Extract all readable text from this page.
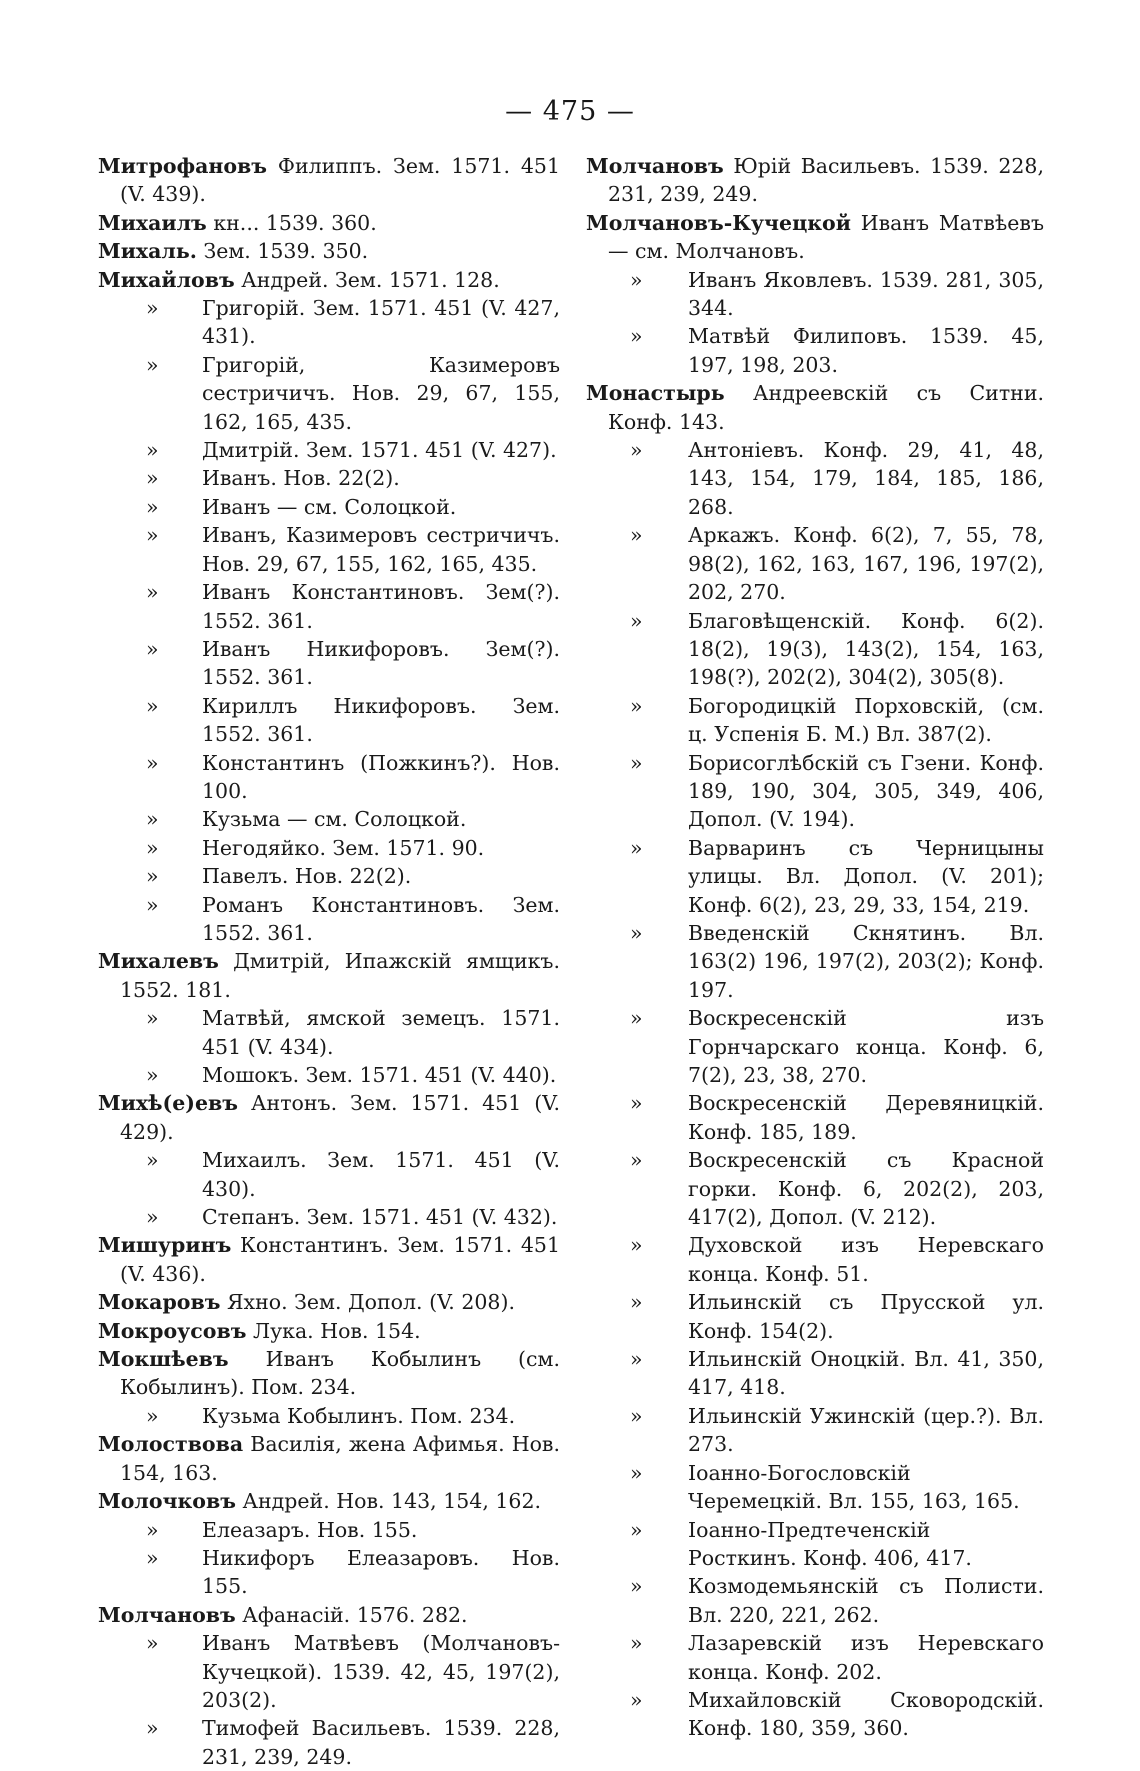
— 475 —
Митрофановъ Филиппъ. Зем. 1571. 451 (V. 439).
Михаилъ кн... 1539. 360.
Михаль. Зем. 1539. 350.
Михайловъ Андрей. Зем. 1571. 128.
» Григорій. Зем. 1571. 451 (V. 427, 431).
» Григорій, Казимеровъ сестричичъ. Нов. 29, 67, 155, 162, 165, 435.
» Дмитрій. Зем. 1571. 451 (V. 427).
» Иванъ. Нов. 22(2).
» Иванъ — см. Солоцкой.
» Иванъ, Казимеровъ сестричичъ. Нов. 29, 67, 155, 162, 165, 435.
» Иванъ Константиновъ. Зем(?). 1552. 361.
» Иванъ Никифоровъ. Зем(?). 1552. 361.
» Кириллъ Никифоровъ. Зем. 1552. 361.
» Константинъ (Пожкинъ?). Нов. 100.
» Кузьма — см. Солоцкой.
» Негодяйко. Зем. 1571. 90.
» Павелъ. Нов. 22(2).
» Романъ Константиновъ. Зем. 1552. 361.
Михалевъ Дмитрій, Ипажскій ямщикъ. 1552. 181.
» Матвѣй, ямской земецъ. 1571. 451 (V. 434).
» Мошокъ. Зем. 1571. 451 (V. 440).
Михѣ(е)евъ Антонъ. Зем. 1571. 451 (V. 429).
» Михаилъ. Зем. 1571. 451 (V. 430).
» Степанъ. Зем. 1571. 451 (V. 432).
Мишуринъ Константинъ. Зем. 1571. 451 (V. 436).
Мокаровъ Яхно. Зем. Допол. (V. 208).
Мокроусовъ Лука. Нов. 154.
Мокшѣевъ Иванъ Кобылинъ (см. Кобылинъ). Пом. 234.
» Кузьма Кобылинъ. Пом. 234.
Молоствова Василія, жена Афимья. Нов. 154, 163.
Молочковъ Андрей. Нов. 143, 154, 162.
» Елеазаръ. Нов. 155.
» Никифоръ Елеазаровъ. Нов. 155.
Молчановъ Афанасій. 1576. 282.
» Иванъ Матвѣевъ (Молчановъ-Кучецкой). 1539. 42, 45, 197(2), 203(2).
» Тимофей Васильевъ. 1539. 228, 231, 239, 249.
Молчановъ Юрій Васильевъ. 1539. 228, 231, 239, 249.
Молчановъ-Кучецкой Иванъ Матвѣевъ — см. Молчановъ.
» Иванъ Яковлевъ. 1539. 281, 305, 344.
» Матвѣй Филиповъ. 1539. 45, 197, 198, 203.
Монастырь Андреевскій съ Ситни. Конф. 143.
» Антоніевъ. Конф. 29, 41, 48, 143, 154, 179, 184, 185, 186, 268.
» Аркажъ. Конф. 6(2), 7, 55, 78, 98(2), 162, 163, 167, 196, 197(2), 202, 270.
» Благовѣщенскій. Конф. 6(2). 18(2), 19(3), 143(2), 154, 163, 198(?), 202(2), 304(2), 305(8).
» Богородицкій Порховскій, (см. ц. Успенія Б. М.) Вл. 387(2).
» Борисоглѣбскій съ Гзени. Конф. 189, 190, 304, 305, 349, 406, Допол. (V. 194).
» Варваринъ съ Черницыны улицы. Вл. Допол. (V. 201); Конф. 6(2), 23, 29, 33, 154, 219.
» Введенскій Скнятинъ. Вл. 163(2) 196, 197(2), 203(2); Конф. 197.
» Воскресенскій изъ Горнчарскаго конца. Конф. 6, 7(2), 23, 38, 270.
» Воскресенскій Деревяницкій. Конф. 185, 189.
» Воскресенскій съ Красной горки. Конф. 6, 202(2), 203, 417(2), Допол. (V. 212).
» Духовской изъ Неревскаго конца. Конф. 51.
» Ильинскій съ Прусской ул. Конф. 154(2).
» Ильинскій Оноцкій. Вл. 41, 350, 417, 418.
» Ильинскій Ужинскій (цер.?). Вл. 273.
» Іоанно-Богословскій Черемецкій. Вл. 155, 163, 165.
» Іоанно-Предтеченскій Росткинъ. Конф. 406, 417.
» Козмодемьянскій съ Полисти. Вл. 220, 221, 262.
» Лазаревскій изъ Неревскаго конца. Конф. 202.
» Михайловскій Сковородскій. Конф. 180, 359, 360.
